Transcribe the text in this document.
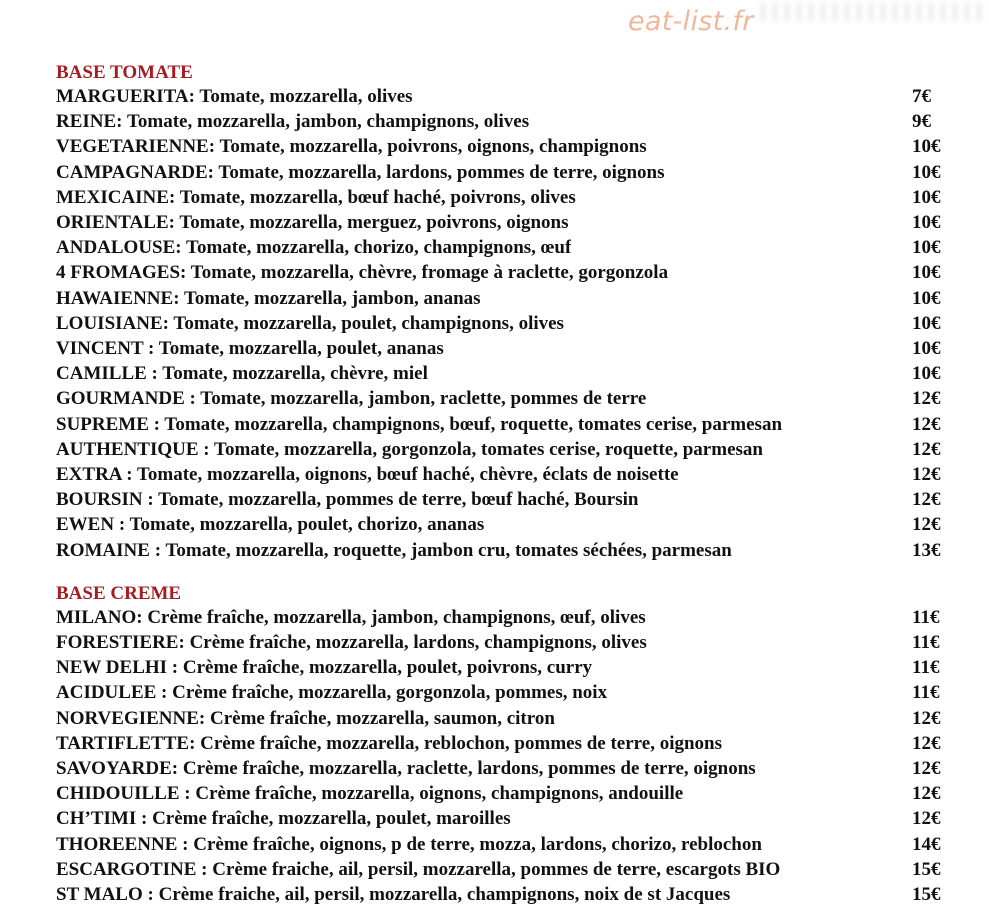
eat-list.fr
BASE TOMATE
MARGUERITA: Tomate, mozzarella, olives	7€
REINE: Tomate, mozzarella, jambon, champignons, olives	9€
VEGETARIENNE: Tomate, mozzarella, poivrons, oignons, champignons	10€
CAMPAGNARDE: Tomate, mozzarella, lardons, pommes de terre, oignons	10€
MEXICAINE: Tomate, mozzarella, bœuf haché, poivrons, olives	10€
ORIENTALE: Tomate, mozzarella, merguez, poivrons, oignons	10€
ANDALOUSE: Tomate, mozzarella, chorizo, champignons, œuf	10€
4 FROMAGES: Tomate, mozzarella, chèvre, fromage à raclette, gorgonzola	10€
HAWAIENNE: Tomate, mozzarella, jambon, ananas	10€
LOUISIANE: Tomate, mozzarella, poulet, champignons, olives	10€
VINCENT : Tomate, mozzarella, poulet, ananas	10€
CAMILLE : Tomate, mozzarella, chèvre, miel	10€
GOURMANDE : Tomate, mozzarella, jambon, raclette, pommes de terre	12€
SUPREME : Tomate, mozzarella, champignons, bœuf, roquette, tomates cerise, parmesan	12€
AUTHENTIQUE : Tomate, mozzarella, gorgonzola, tomates cerise, roquette, parmesan	12€
EXTRA : Tomate, mozzarella, oignons, bœuf haché, chèvre, éclats de noisette	12€
BOURSIN : Tomate, mozzarella, pommes de terre, bœuf haché, Boursin	12€
EWEN : Tomate, mozzarella, poulet, chorizo, ananas	12€
ROMAINE : Tomate, mozzarella, roquette, jambon cru, tomates séchées, parmesan	13€
BASE CREME
MILANO: Crème fraîche, mozzarella, jambon, champignons, œuf, olives	11€
FORESTIERE: Crème fraîche, mozzarella, lardons, champignons, olives	11€
NEW DELHI : Crème fraîche, mozzarella, poulet, poivrons, curry	11€
ACIDULEE : Crème fraîche, mozzarella, gorgonzola, pommes, noix	11€
NORVEGIENNE: Crème fraîche, mozzarella, saumon, citron	12€
TARTIFLETTE: Crème fraîche, mozzarella, reblochon, pommes de terre, oignons	12€
SAVOYARDE: Crème fraîche, mozzarella, raclette, lardons, pommes de terre, oignons	12€
CHIDOUILLE : Crème fraîche, mozzarella, oignons, champignons, andouille	12€
CH’TIMI : Crème fraîche, mozzarella, poulet, maroilles	12€
THOREENNE : Crème fraîche, oignons, p de terre, mozza, lardons, chorizo, reblochon	14€
ESCARGOTINE : Crème fraiche, ail, persil, mozzarella, pommes de terre, escargots BIO	15€
ST MALO : Crème fraiche, ail, persil, mozzarella, champignons, noix de st Jacques	15€
